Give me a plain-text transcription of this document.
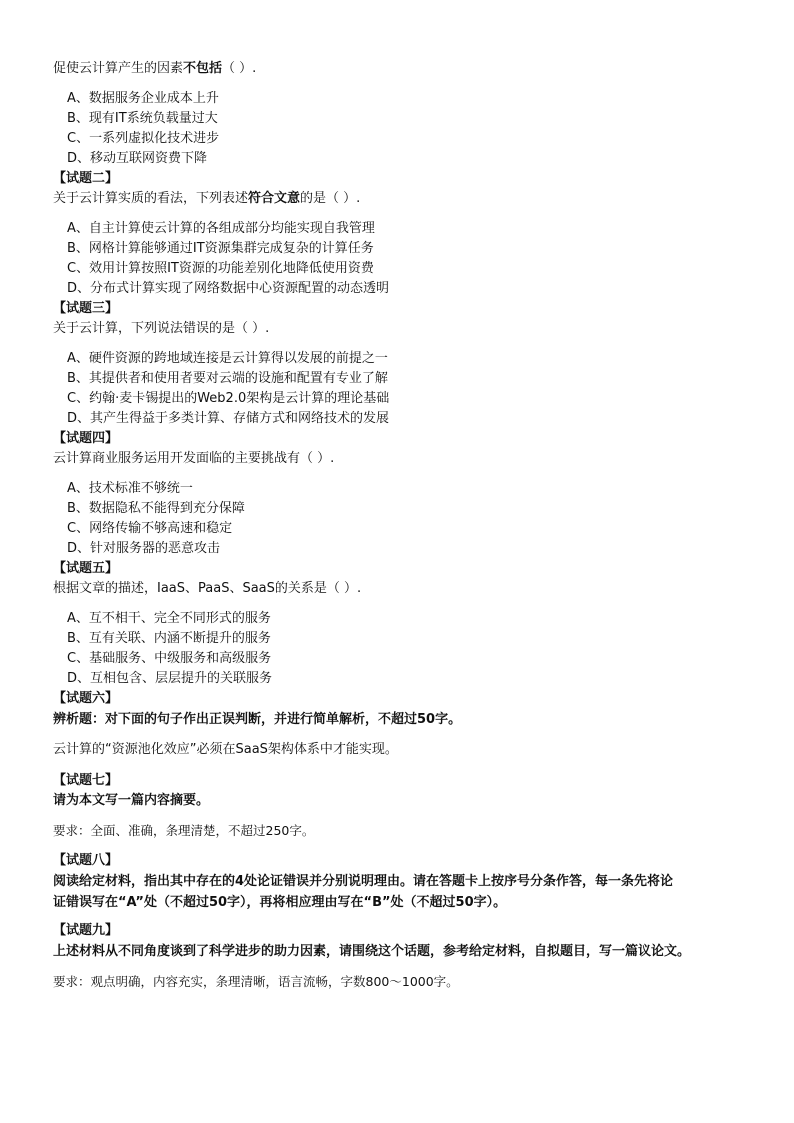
促使云计算产生的因素不包括（ ）.
A、数据服务企业成本上升
B、现有IT系统负载量过大
C、一系列虚拟化技术进步
D、移动互联网资费下降
【试题二】
关于云计算实质的看法，下列表述符合文意的是（ ）.
A、自主计算使云计算的各组成部分均能实现自我管理
B、网格计算能够通过IT资源集群完成复杂的计算任务
C、效用计算按照IT资源的功能差别化地降低使用资费
D、分布式计算实现了网络数据中心资源配置的动态透明
【试题三】
关于云计算，下列说法错误的是（ ）.
A、硬件资源的跨地域连接是云计算得以发展的前提之一
B、其提供者和使用者要对云端的设施和配置有专业了解
C、约翰·麦卡锡提出的Web2.0架构是云计算的理论基础
D、其产生得益于多类计算、存储方式和网络技术的发展
【试题四】
云计算商业服务运用开发面临的主要挑战有（ ）.
A、技术标准不够统一
B、数据隐私不能得到充分保障
C、网络传输不够高速和稳定
D、针对服务器的恶意攻击
【试题五】
根据文章的描述，IaaS、PaaS、SaaS的关系是（ ）.
A、互不相干、完全不同形式的服务
B、互有关联、内涵不断提升的服务
C、基础服务、中级服务和高级服务
D、互相包含、层层提升的关联服务
【试题六】
辨析题：对下面的句子作出正误判断，并进行简单解析，不超过50字。
云计算的“资源池化效应”必须在SaaS架构体系中才能实现。
【试题七】
请为本文写一篇内容摘要。
要求：全面、准确，条理清楚，不超过250字。
【试题八】
阅读给定材料，指出其中存在的4处论证错误并分别说明理由。请在答题卡上按序号分条作答，每一条先将论
证错误写在“A”处（不超过50字），再将相应理由写在“B”处（不超过50字）。
【试题九】
上述材料从不同角度谈到了科学进步的助力因素，请围绕这个话题，参考给定材料，自拟题目，写一篇议论文。
要求：观点明确，内容充实，条理清晰，语言流畅，字数800～1000字。
